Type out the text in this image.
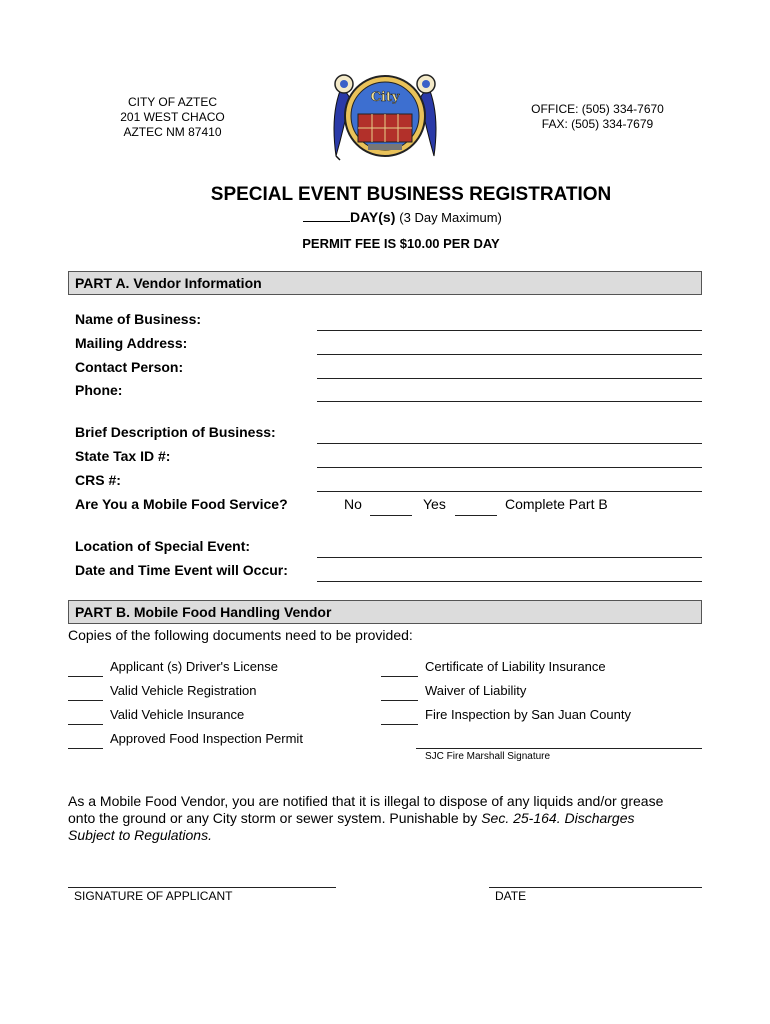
CITY OF AZTEC
201 WEST CHACO
AZTEC NM 87410
City
OFFICE: (505) 334-7670
FAX: (505) 334-7679
SPECIAL EVENT BUSINESS REGISTRATION
DAY(s) (3 Day Maximum)
PERMIT FEE IS $10.00 PER DAY
PART A. Vendor Information
Name of Business:
Mailing Address:
Contact Person:
Phone:
Brief Description of Business:
State Tax ID #:
CRS #:
Are You a Mobile Food Service?	No	Yes	Complete Part B
Location of Special Event:
Date and Time Event will Occur:
PART B. Mobile Food Handling Vendor
Copies of the following documents need to be provided:
Applicant (s) Driver's License
Valid Vehicle Registration
Valid Vehicle Insurance
Approved Food Inspection Permit
Certificate of Liability Insurance
Waiver of Liability
Fire Inspection by San Juan County
SJC Fire Marshall Signature
As a Mobile Food Vendor, you are notified that it is illegal to dispose of any liquids and/or grease onto the ground or any City storm or sewer system. Punishable by Sec. 25-164. Discharges Subject to Regulations.
SIGNATURE OF APPLICANT	DATE
